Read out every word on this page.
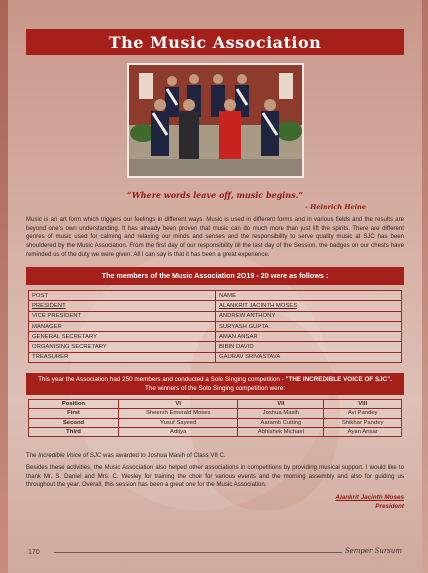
The Music Association
“Where words leave off, music begins.”
- Heinrich Heine

Music is an art form which triggers our feelings in different ways. Music is used in different forms and in various fields and the results are beyond one’s own understanding. It has already been proven that music can do much more than just lift the spirits. There are different genres of music used for calming and relaxing our minds and senses and the responsibility to serve quality music at SJC has been shouldered by the Music Association. From the first day of our responsibility till the last day of the Session, the badges on our chests have reminded us of the duty we were given. All I can say is that it has been a great experience.

The members of the Music Association 2O19 - 20 were as follows :
POST	NAME
PRESIDENT	ALANKRIT JACINTH MOSES
VICE PRESIDENT	ANDREW ANTHONY
MANAGER	SURYASH GUPTA
GENERAL SECRETARY	AMAN ANSAR
ORGANISING SECRETARY	BIBIN DAVID
TREASURER	GAURAV SRIVASTAVA
This year the Association had 250 members and conducted a Solo Singing competition - "THE INCREDIBLE VOICE OF SJC".
The winners of the Solo Singing competition were:
Position	VI	VII	VIII
First	Sheersh Emerald Moses	Joshua Masih	Avi Pandey
Second	Yusuf Sayeed	Aaramb Cutting	Shikhar Pandey
Third	Aditya	Abhishek Michael	Ayan Ansar

The Incredible Voice of SJC was awarded to Joshua Masih of Class VII C.

Besides these activities, the Music Association also helped other associations in competitions by providing musical support. I would like to thank Mr. S. Daniel and Mrs. C. Wesley for training the choir for various events and the morning assembly and also for guiding us throughout the year. Overall, this session has been a great one for the Music Association.

Alankrit Jacinth Moses
President
170	Semper Sursum
